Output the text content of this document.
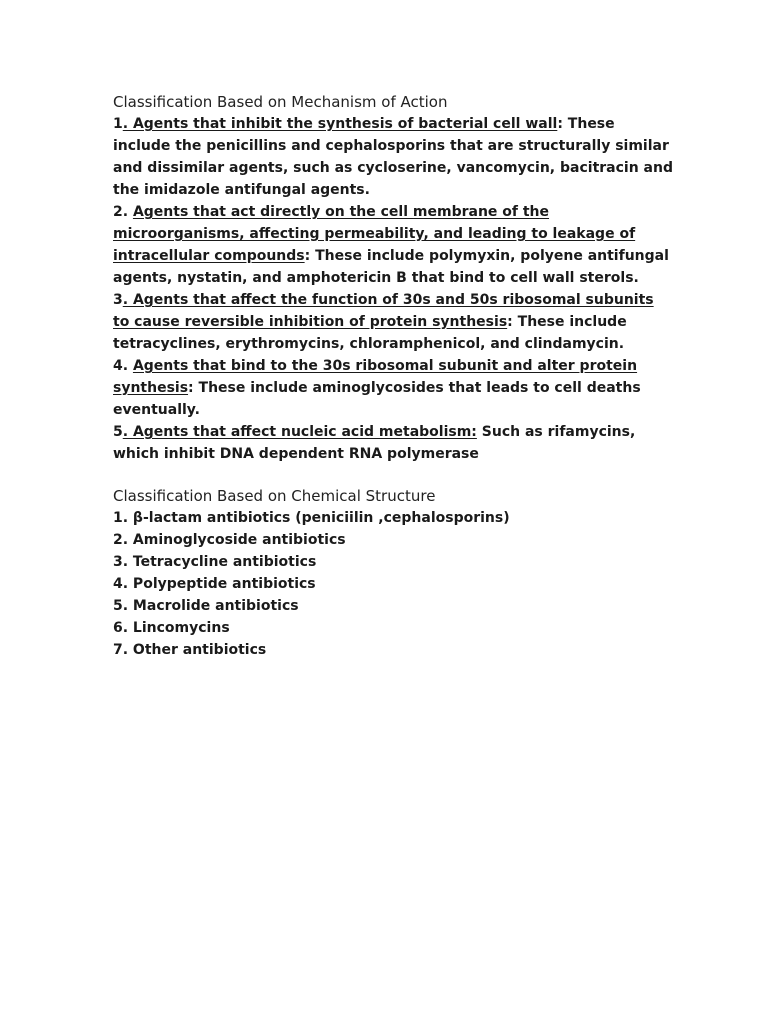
Classification Based on Mechanism of Action

1. Agents that inhibit the synthesis of bacterial cell wall: These include the penicillins and cephalosporins that are structurally similar and dissimilar agents, such as cycloserine, vancomycin, bacitracin and the imidazole antifungal agents.

2. Agents that act directly on the cell membrane of the microorganisms, affecting permeability, and leading to leakage of intracellular compounds: These include polymyxin, polyene antifungal agents, nystatin, and amphotericin B that bind to cell wall sterols.

3. Agents that affect the function of 30s and 50s ribosomal subunits to cause reversible inhibition of protein synthesis: These include tetracyclines, erythromycins, chloramphenicol, and clindamycin.

4. Agents that bind to the 30s ribosomal subunit and alter protein synthesis: These include aminoglycosides that leads to cell deaths eventually.

5. Agents that affect nucleic acid metabolism: Such as rifamycins, which inhibit DNA dependent RNA polymerase

Classification Based on Chemical Structure

1. β-lactam antibiotics (peniciilin ,cephalosporins)

2. Aminoglycoside antibiotics

3. Tetracycline antibiotics

4. Polypeptide antibiotics

5. Macrolide antibiotics

6. Lincomycins

7. Other antibiotics
